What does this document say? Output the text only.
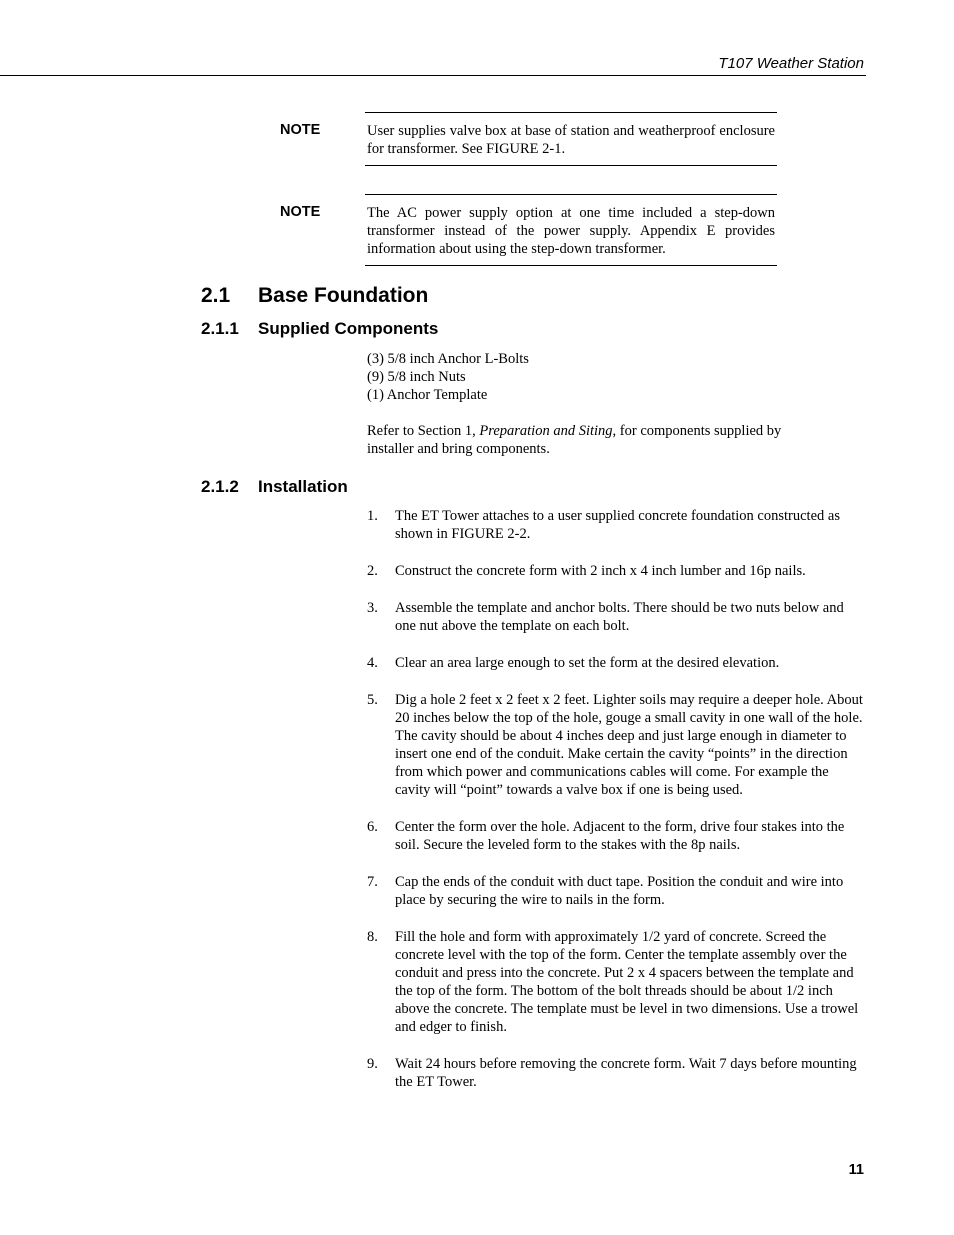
T107 Weather Station
NOTE	User supplies valve box at base of station and weatherproof enclosure for transformer. See FIGURE 2-1.
NOTE	The AC power supply option at one time included a step-down transformer instead of the power supply. Appendix E provides information about using the step-down transformer.
2.1 Base Foundation
2.1.1 Supplied Components
(3) 5/8 inch Anchor L-Bolts
(9) 5/8 inch Nuts
(1) Anchor Template
Refer to Section 1, Preparation and Siting, for components supplied by installer and bring components.
2.1.2 Installation
1.	The ET Tower attaches to a user supplied concrete foundation constructed as shown in FIGURE 2-2.
2.	Construct the concrete form with 2 inch x 4 inch lumber and 16p nails.
3.	Assemble the template and anchor bolts. There should be two nuts below and one nut above the template on each bolt.
4.	Clear an area large enough to set the form at the desired elevation.
5.	Dig a hole 2 feet x 2 feet x 2 feet. Lighter soils may require a deeper hole. About 20 inches below the top of the hole, gouge a small cavity in one wall of the hole. The cavity should be about 4 inches deep and just large enough in diameter to insert one end of the conduit. Make certain the cavity “points” in the direction from which power and communications cables will come. For example the cavity will “point” towards a valve box if one is being used.
6.	Center the form over the hole. Adjacent to the form, drive four stakes into the soil. Secure the leveled form to the stakes with the 8p nails.
7.	Cap the ends of the conduit with duct tape. Position the conduit and wire into place by securing the wire to nails in the form.
8.	Fill the hole and form with approximately 1/2 yard of concrete. Screed the concrete level with the top of the form. Center the template assembly over the conduit and press into the concrete. Put 2 x 4 spacers between the template and the top of the form. The bottom of the bolt threads should be about 1/2 inch above the concrete. The template must be level in two dimensions. Use a trowel and edger to finish.
9.	Wait 24 hours before removing the concrete form. Wait 7 days before mounting the ET Tower.
11
